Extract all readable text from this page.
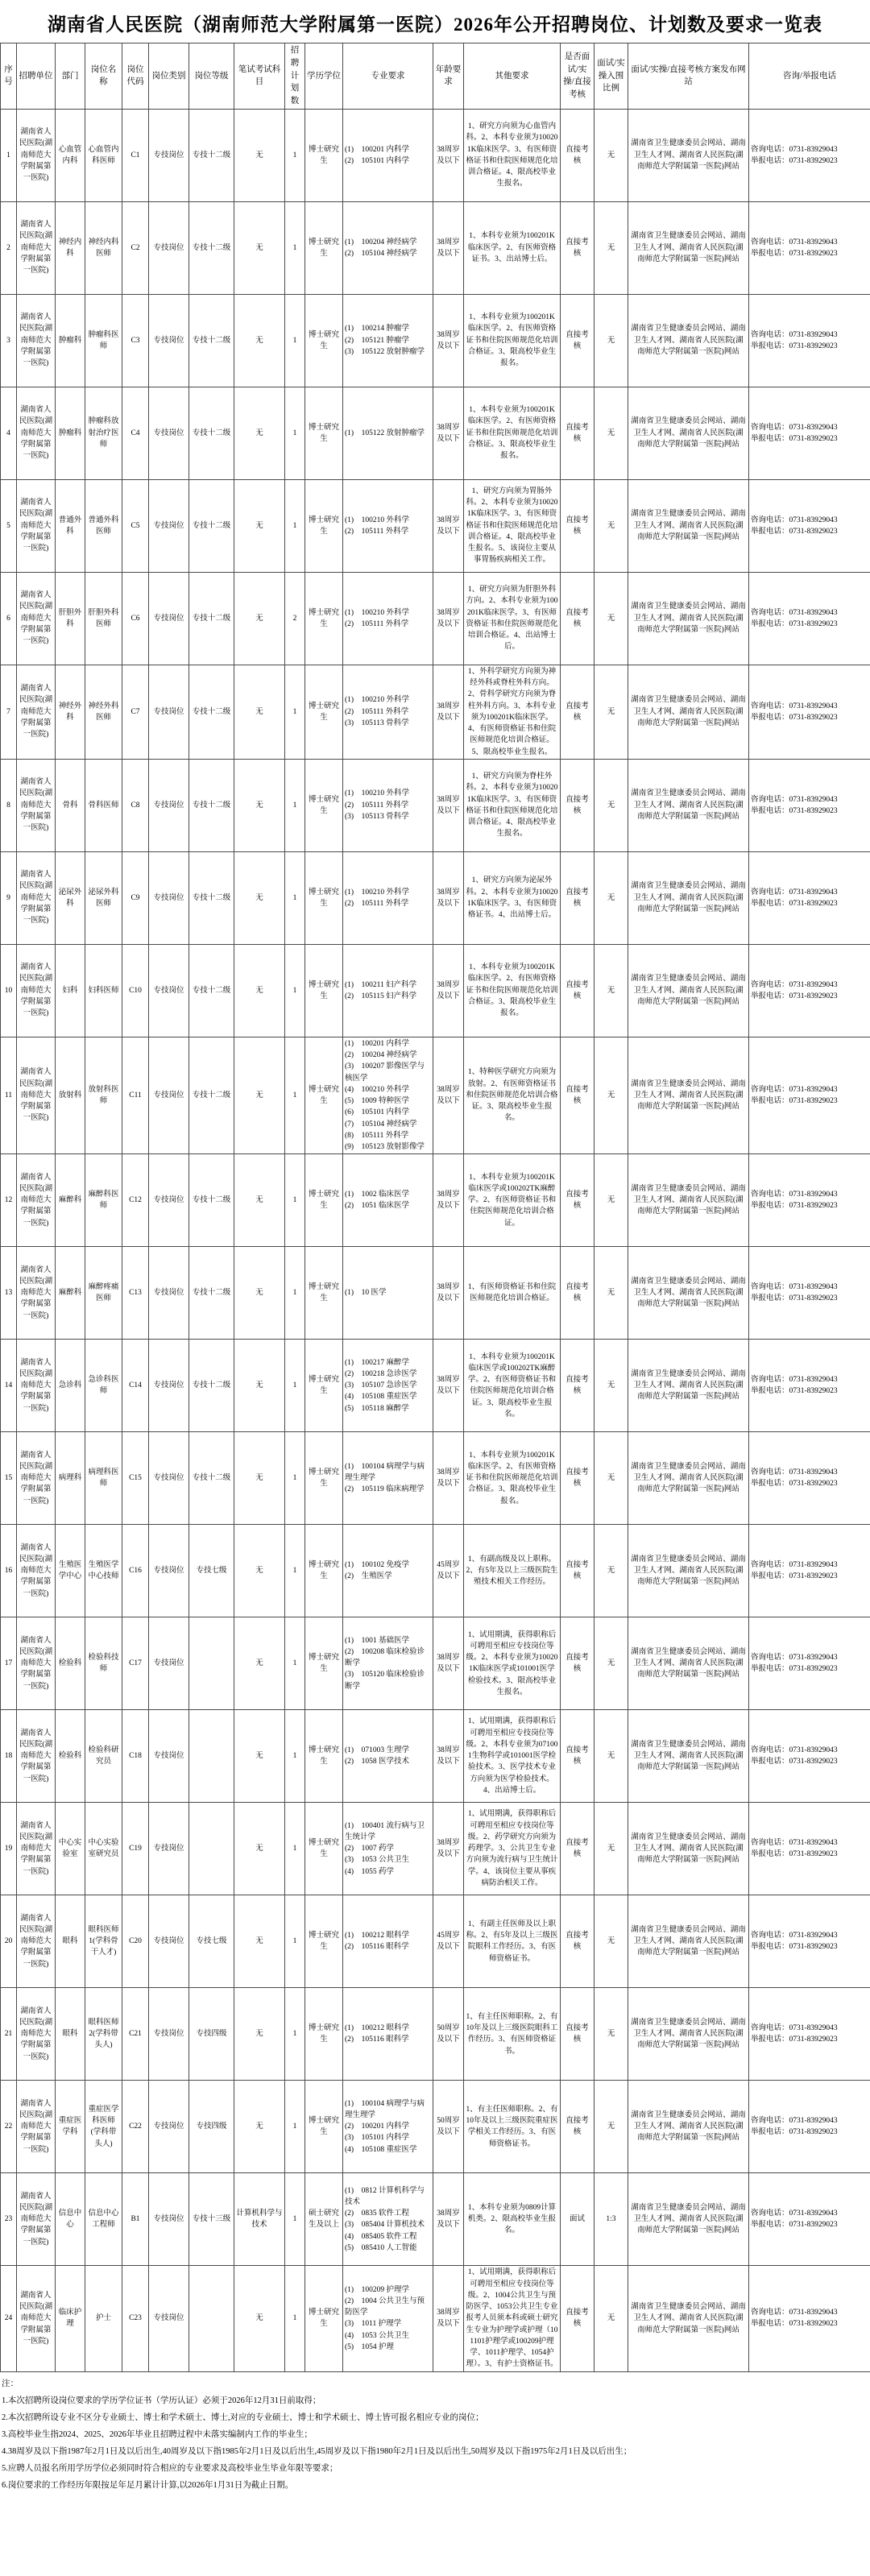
湖南省人民医院（湖南师范大学附属第一医院）2026年公开招聘岗位、计划数及要求一览表
序号	招聘单位	部门	岗位名称	岗位代码	岗位类别	岗位等级	笔试考试科目	招聘计划数	学历学位	专业要求	年龄要求	其他要求	是否面试/实操/直接考核	面试/实操入围比例	面试/实操/直接考核方案发布网站	咨询/举报电话
1	湖南省人民医院(湖南师范大学附属第一医院)	心血管内科	心血管内科医师	C1	专技岗位	专技十二级	无	1	博士研究生	
(1)　100201 内科学
(2)　105101 内科学
	38周岁及以下	1、研究方向须为心血管内科。2、本科专业须为100201K临床医学。3、有医师资格证书和住院医师规范化培训合格证。4、限高校毕业生报名。	直接考核	无	湖南省卫生健康委员会网站、湖南卫生人才网、湖南省人民医院(湖南师范大学附属第一医院)网站	
咨询电话：0731-83929043
举报电话：0731-83929023

2	湖南省人民医院(湖南师范大学附属第一医院)	神经内科	神经内科医师	C2	专技岗位	专技十二级	无	1	博士研究生	
(1)　100204 神经病学
(2)　105104 神经病学
	38周岁及以下	1、本科专业须为100201K临床医学。2、有医师资格证书。3、出站博士后。	直接考核	无	湖南省卫生健康委员会网站、湖南卫生人才网、湖南省人民医院(湖南师范大学附属第一医院)网站	
咨询电话：0731-83929043
举报电话：0731-83929023

3	湖南省人民医院(湖南师范大学附属第一医院)	肿瘤科	肿瘤科医师	C3	专技岗位	专技十二级	无	1	博士研究生	
(1)　100214 肿瘤学
(2)　105121 肿瘤学
(3)　105122 放射肿瘤学
	38周岁及以下	1、本科专业须为100201K临床医学。2、有医师资格证书和住院医师规范化培训合格证。3、限高校毕业生报名。	直接考核	无	湖南省卫生健康委员会网站、湖南卫生人才网、湖南省人民医院(湖南师范大学附属第一医院)网站	
咨询电话：0731-83929043
举报电话：0731-83929023

4	湖南省人民医院(湖南师范大学附属第一医院)	肿瘤科	肿瘤科放射治疗医师	C4	专技岗位	专技十二级	无	1	博士研究生	(1)　105122 放射肿瘤学	38周岁及以下	1、本科专业须为100201K临床医学。2、有医师资格证书和住院医师规范化培训合格证。3、限高校毕业生报名。	直接考核	无	湖南省卫生健康委员会网站、湖南卫生人才网、湖南省人民医院(湖南师范大学附属第一医院)网站	咨询电话：0731-83929043
举报电话：0731-83929023

5	湖南省人民医院(湖南师范大学附属第一医院)	普通外科	普通外科医师	C5	专技岗位	专技十二级	无	1	博士研究生	
(1)　100210 外科学
(2)　105111 外科学
	38周岁及以下	1、研究方向须为胃肠外科。2、本科专业须为100201K临床医学。3、有医师资格证书和住院医师规范化培训合格证。4、限高校毕业生报名。5、该岗位主要从事胃肠疾病相关工作。	直接考核	无	湖南省卫生健康委员会网站、湖南卫生人才网、湖南省人民医院(湖南师范大学附属第一医院)网站	
咨询电话：0731-83929043
举报电话：0731-83929023

6	湖南省人民医院(湖南师范大学附属第一医院)	肝胆外科	肝胆外科医师	C6	专技岗位	专技十二级	无	2	博士研究生	
(1)　100210 外科学
(2)　105111 外科学
	38周岁及以下	1、研究方向须为肝胆外科方向。2、本科专业须为100201K临床医学。3、有医师资格证书和住院医师规范化培训合格证。4、出站博士后。	直接考核	无	湖南省卫生健康委员会网站、湖南卫生人才网、湖南省人民医院(湖南师范大学附属第一医院)网站	
咨询电话：0731-83929043
举报电话：0731-83929023

7	湖南省人民医院(湖南师范大学附属第一医院)	神经外科	神经外科医师	C7	专技岗位	专技十二级	无	1	博士研究生	
(1)　100210 外科学
(2)　105111 外科学
(3)　105113 骨科学
	38周岁及以下	1、外科学研究方向须为神经外科或脊柱外科方向。2、骨科学研究方向须为脊柱外科方向。3、本科专业须为100201K临床医学。4、有医师资格证书和住院医师规范化培训合格证。5、限高校毕业生报名。	直接考核	无	湖南省卫生健康委员会网站、湖南卫生人才网、湖南省人民医院(湖南师范大学附属第一医院)网站	
咨询电话：0731-83929043
举报电话：0731-83929023

8	湖南省人民医院(湖南师范大学附属第一医院)	骨科	骨科医师	C8	专技岗位	专技十二级	无	1	博士研究生	
(1)　100210 外科学
(2)　105111 外科学
(3)　105113 骨科学
	38周岁及以下	1、研究方向须为脊柱外科。2、本科专业须为100201K临床医学。3、有医师资格证书和住院医师规范化培训合格证。4、限高校毕业生报名。	直接考核	无	湖南省卫生健康委员会网站、湖南卫生人才网、湖南省人民医院(湖南师范大学附属第一医院)网站	
咨询电话：0731-83929043
举报电话：0731-83929023

9	湖南省人民医院(湖南师范大学附属第一医院)	泌尿外科	泌尿外科医师	C9	专技岗位	专技十二级	无	1	博士研究生	
(1)　100210 外科学
(2)　105111 外科学
	38周岁及以下	1、研究方向须为泌尿外科。2、本科专业须为100201K临床医学。3、有医师资格证书。4、出站博士后。	直接考核	无	湖南省卫生健康委员会网站、湖南卫生人才网、湖南省人民医院(湖南师范大学附属第一医院)网站	
咨询电话：0731-83929043
举报电话：0731-83929023

10	湖南省人民医院(湖南师范大学附属第一医院)	妇科	妇科医师	C10	专技岗位	专技十二级	无	1	博士研究生	
(1)　100211 妇产科学
(2)　105115 妇产科学
	38周岁及以下	1、本科专业须为100201K临床医学。2、有医师资格证书和住院医师规范化培训合格证。3、限高校毕业生报名。	直接考核	无	湖南省卫生健康委员会网站、湖南卫生人才网、湖南省人民医院(湖南师范大学附属第一医院)网站	
咨询电话：0731-83929043
举报电话：0731-83929023

11	湖南省人民医院(湖南师范大学附属第一医院)	放射科	放射科医师	C11	专技岗位	专技十二级	无	1	博士研究生	
(1)　100201 内科学
(2)　100204 神经病学
(3)　100207 影像医学与核医学
(4)　100210 外科学
(5)　1009 特种医学
(6)　105101 内科学
(7)　105104 神经病学
(8)　105111 外科学
(9)　105123 放射影像学
	38周岁及以下	1、特种医学研究方向须为放射。2、有医师资格证书和住院医师规范化培训合格证。3、限高校毕业生报名。	直接考核	无	湖南省卫生健康委员会网站、湖南卫生人才网、湖南省人民医院(湖南师范大学附属第一医院)网站	
咨询电话：0731-83929043
举报电话：0731-83929023

12	湖南省人民医院(湖南师范大学附属第一医院)	麻醉科	麻醉科医师	C12	专技岗位	专技十二级	无	1	博士研究生	
(1)　1002 临床医学
(2)　1051 临床医学
	38周岁及以下	1、本科专业须为100201K临床医学或100202TK麻醉学。2、有医师资格证书和住院医师规范化培训合格证。	直接考核	无	湖南省卫生健康委员会网站、湖南卫生人才网、湖南省人民医院(湖南师范大学附属第一医院)网站	
咨询电话：0731-83929043
举报电话：0731-83929023

13	湖南省人民医院(湖南师范大学附属第一医院)	麻醉科	麻醉疼痛医师	C13	专技岗位	专技十二级	无	1	博士研究生	(1)　10 医学	38周岁及以下	1、有医师资格证书和住院医师规范化培训合格证。	直接考核	无	湖南省卫生健康委员会网站、湖南卫生人才网、湖南省人民医院(湖南师范大学附属第一医院)网站	咨询电话：0731-83929043
举报电话：0731-83929023

14	湖南省人民医院(湖南师范大学附属第一医院)	急诊科	急诊科医师	C14	专技岗位	专技十二级	无	1	博士研究生	
(1)　100217 麻醉学
(2)　100218 急诊医学
(3)　105107 急诊医学
(4)　105108 重症医学
(5)　105118 麻醉学
	38周岁及以下	1、本科专业须为100201K临床医学或100202TK麻醉学。2、有医师资格证书和住院医师规范化培训合格证。3、限高校毕业生报名。	直接考核	无	湖南省卫生健康委员会网站、湖南卫生人才网、湖南省人民医院(湖南师范大学附属第一医院)网站	
咨询电话：0731-83929043
举报电话：0731-83929023

15	湖南省人民医院(湖南师范大学附属第一医院)	病理科	病理科医师	C15	专技岗位	专技十二级	无	1	博士研究生	
(1)　100104 病理学与病理生理学
(2)　105119 临床病理学
	38周岁及以下	1、本科专业须为100201K临床医学。2、有医师资格证书和住院医师规范化培训合格证。3、限高校毕业生报名。	直接考核	无	湖南省卫生健康委员会网站、湖南卫生人才网、湖南省人民医院(湖南师范大学附属第一医院)网站	
咨询电话：0731-83929043
举报电话：0731-83929023

16	湖南省人民医院(湖南师范大学附属第一医院)	生殖医学中心	生殖医学中心技师	C16	专技岗位	专技七级	无	1	博士研究生	
(1)　100102 免疫学
(2)　生殖医学
	45周岁及以下	1、有副高级及以上职称。2、有5年及以上三级医院生殖技术相关工作经历。	直接考核	无	湖南省卫生健康委员会网站、湖南卫生人才网、湖南省人民医院(湖南师范大学附属第一医院)网站	
咨询电话：0731-83929043
举报电话：0731-83929023

17	湖南省人民医院(湖南师范大学附属第一医院)	检验科	检验科技师	C17	专技岗位		无	1	博士研究生	
(1)　1001 基础医学
(2)　100208 临床检验诊断学
(3)　105120 临床检验诊断学
	38周岁及以下	1、试用期满，获得职称后可聘用至相应专技岗位等级。2、本科专业须为100201K临床医学或101001医学检验技术。3、限高校毕业生报名。	直接考核	无	湖南省卫生健康委员会网站、湖南卫生人才网、湖南省人民医院(湖南师范大学附属第一医院)网站	
咨询电话：0731-83929043
举报电话：0731-83929023

18	湖南省人民医院(湖南师范大学附属第一医院)	检验科	检验科研究员	C18	专技岗位		无	1	博士研究生	
(1)　071003 生理学
(2)　1058 医学技术
	38周岁及以下	1、试用期满，获得职称后可聘用至相应专技岗位等级。2、本科专业须为071001生物科学或101001医学检验技术。3、医学技术专业方向须为医学检验技术。4、出站博士后。	直接考核	无	湖南省卫生健康委员会网站、湖南卫生人才网、湖南省人民医院(湖南师范大学附属第一医院)网站	
咨询电话：0731-83929043
举报电话：0731-83929023

19	湖南省人民医院(湖南师范大学附属第一医院)	中心实验室	中心实验室研究员	C19	专技岗位		无	1	博士研究生	
(1)　100401 流行病与卫生统计学
(2)　1007 药学
(3)　1053 公共卫生
(4)　1055 药学
	38周岁及以下	1、试用期满，获得职称后可聘用至相应专技岗位等级。2、药学研究方向须为药理学。3、公共卫生专业方向须为流行病与卫生统计学。4、该岗位主要从事疾病防治相关工作。	直接考核	无	湖南省卫生健康委员会网站、湖南卫生人才网、湖南省人民医院(湖南师范大学附属第一医院)网站	
咨询电话：0731-83929043
举报电话：0731-83929023

20	湖南省人民医院(湖南师范大学附属第一医院)	眼科	眼科医师1(学科骨干人才)	C20	专技岗位	专技七级	无	1	博士研究生	
(1)　100212 眼科学
(2)　105116 眼科学
	45周岁及以下	1、有副主任医师及以上职称。2、有5年及以上三级医院眼科工作经历。3、有医师资格证书。	直接考核	无	湖南省卫生健康委员会网站、湖南卫生人才网、湖南省人民医院(湖南师范大学附属第一医院)网站	
咨询电话：0731-83929043
举报电话：0731-83929023

21	湖南省人民医院(湖南师范大学附属第一医院)	眼科	眼科医师2(学科带头人)	C21	专技岗位	专技四级	无	1	博士研究生	
(1)　100212 眼科学
(2)　105116 眼科学
	50周岁及以下	1、有主任医师职称。2、有10年及以上三级医院眼科工作经历。3、有医师资格证书。	直接考核	无	湖南省卫生健康委员会网站、湖南卫生人才网、湖南省人民医院(湖南师范大学附属第一医院)网站	
咨询电话：0731-83929043
举报电话：0731-83929023

22	湖南省人民医院(湖南师范大学附属第一医院)	重症医学科	重症医学科医师(学科带头人)	C22	专技岗位	专技四级	无	1	博士研究生	
(1)　100104 病理学与病理生理学
(2)　100201 内科学
(3)　105101 内科学
(4)　105108 重症医学
	50周岁及以下	1、有主任医师职称。2、有10年及以上三级医院重症医学相关工作经历。3、有医师资格证书。	直接考核	无	湖南省卫生健康委员会网站、湖南卫生人才网、湖南省人民医院(湖南师范大学附属第一医院)网站	
咨询电话：0731-83929043
举报电话：0731-83929023

23	湖南省人民医院(湖南师范大学附属第一医院)	信息中心	信息中心工程师	B1	专技岗位	专技十三级	计算机科学与技术	1	硕士研究生及以上	
(1)　0812 计算机科学与技术
(2)　0835 软件工程
(3)　085404 计算机技术
(4)　085405 软件工程
(5)　085410 人工智能
	38周岁及以下	1、本科专业须为0809计算机类。2、限高校毕业生报名。	面试	1:3	湖南省卫生健康委员会网站、湖南卫生人才网、湖南省人民医院(湖南师范大学附属第一医院)网站	
咨询电话：0731-83929043
举报电话：0731-83929023

24	湖南省人民医院(湖南师范大学附属第一医院)	临床护理	护士	C23	专技岗位		无	1	博士研究生	
(1)　100209 护理学
(2)　1004 公共卫生与预防医学
(3)　1011 护理学
(4)　1053 公共卫生
(5)　1054 护理
	38周岁及以下	1、试用期满，获得职称后可聘用至相应专技岗位等级。2、1004公共卫生与预防医学、1053公共卫生专业报考人员须本科或硕士研究生专业为护理学或护理（101101护理学或100209护理学、1011护理学、1054护理）。3、有护士资格证书。	直接考核	无	湖南省卫生健康委员会网站、湖南卫生人才网、湖南省人民医院(湖南师范大学附属第一医院)网站	
咨询电话：0731-83929043
举报电话：0731-83929023
注：
1.本次招聘所设岗位要求的学历学位证书（学历认证）必须于2026年12月31日前取得；
2.本次招聘所设专业不区分专业硕士、博士和学术硕士、博士,对应的专业硕士、博士和学术硕士、博士皆可报名相应专业的岗位；
3.高校毕业生指2024、2025、2026年毕业且招聘过程中未落实编制内工作的毕业生；
4.38周岁及以下指1987年2月1日及以后出生,40周岁及以下指1985年2月1日及以后出生,45周岁及以下指1980年2月1日及以后出生,50周岁及以下指1975年2月1日及以后出生；
5.应聘人员报名所用学历学位必须同时符合相应的专业要求及高校毕业生毕业年限等要求；
6.岗位要求的工作经历年限按足年足月累计计算,以2026年1月31日为截止日期。
